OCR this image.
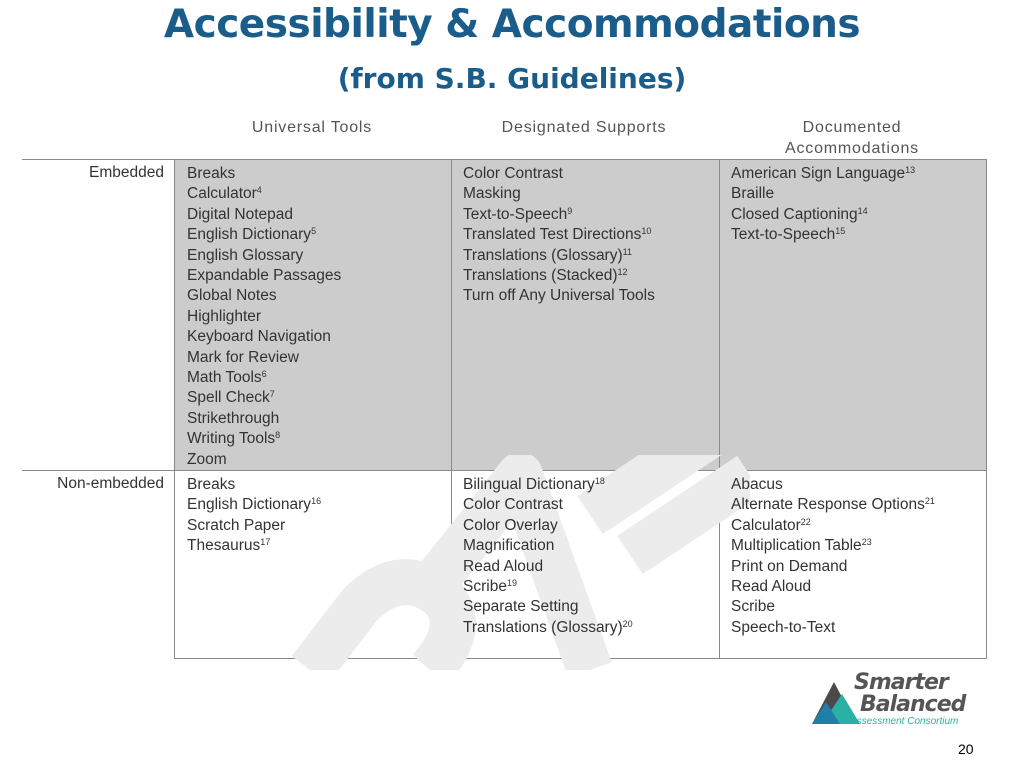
Accessibility & Accommodations
(from S.B. Guidelines)
Universal Tools	Designated Supports	Documented
Accommodations
Embedded
Non-embedded
Breaks
Calculator$^4$
Digital Notepad
English Dictionary$^5$
English Glossary
Expandable Passages
Global Notes
Highlighter
Keyboard Navigation
Mark for Review
Math Tools$^6$
Spell Check$^7$
Strikethrough
Writing Tools$^8$
Zoom
Color Contrast
Masking
Text-to-Speech$^9$
Translated Test Directions$^{10}$
Translations (Glossary)$^{11}$
Translations (Stacked)$^{12}$
Turn off Any Universal Tools
American Sign Language$^{13}$
Braille
Closed Captioning$^{14}$
Text-to-Speech$^{15}$
Breaks
English Dictionary$^{16}$
Scratch Paper
Thesaurus$^{17}$
Bilingual Dictionary$^{18}$
Color Contrast
Color Overlay
Magnification
Read Aloud
Scribe$^{19}$
Separate Setting
Translations (Glossary)$^{20}$
Abacus
Alternate Response Options$^{21}$
Calculator$^{22}$
Multiplication Table$^{23}$
Print on Demand
Read Aloud
Scribe
Speech-to-Text
Smarter
Balanced
Assessment Consortium
20
